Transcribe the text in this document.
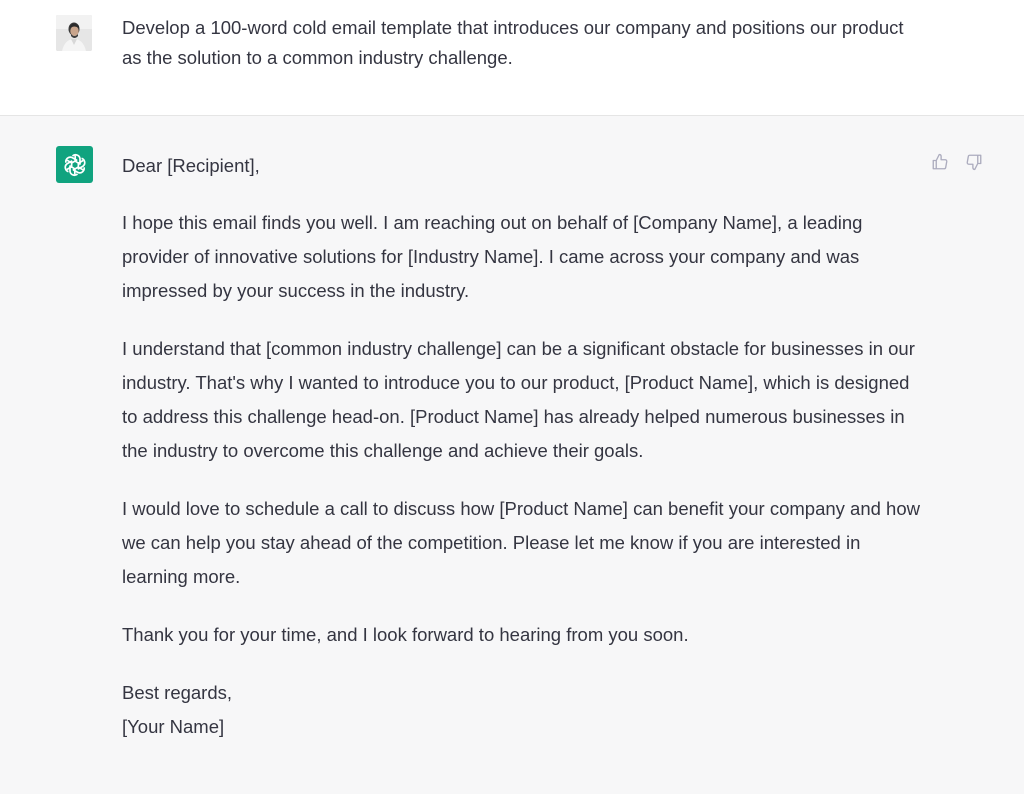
Develop a 100-word cold email template that introduces our company and positions our product as the solution to a common industry challenge.

Dear [Recipient],

I hope this email finds you well. I am reaching out on behalf of [Company Name], a leading provider of innovative solutions for [Industry Name]. I came across your company and was impressed by your success in the industry.

I understand that [common industry challenge] can be a significant obstacle for businesses in our industry. That's why I wanted to introduce you to our product, [Product Name], which is designed to address this challenge head-on. [Product Name] has already helped numerous businesses in the industry to overcome this challenge and achieve their goals.

I would love to schedule a call to discuss how [Product Name] can benefit your company and how we can help you stay ahead of the competition. Please let me know if you are interested in learning more.

Thank you for your time, and I look forward to hearing from you soon.

Best regards,
[Your Name]
